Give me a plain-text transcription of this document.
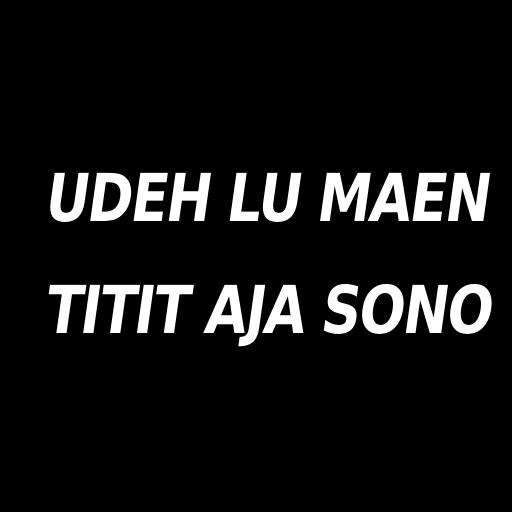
UDEH LU MAEN
TITIT AJA SONO
